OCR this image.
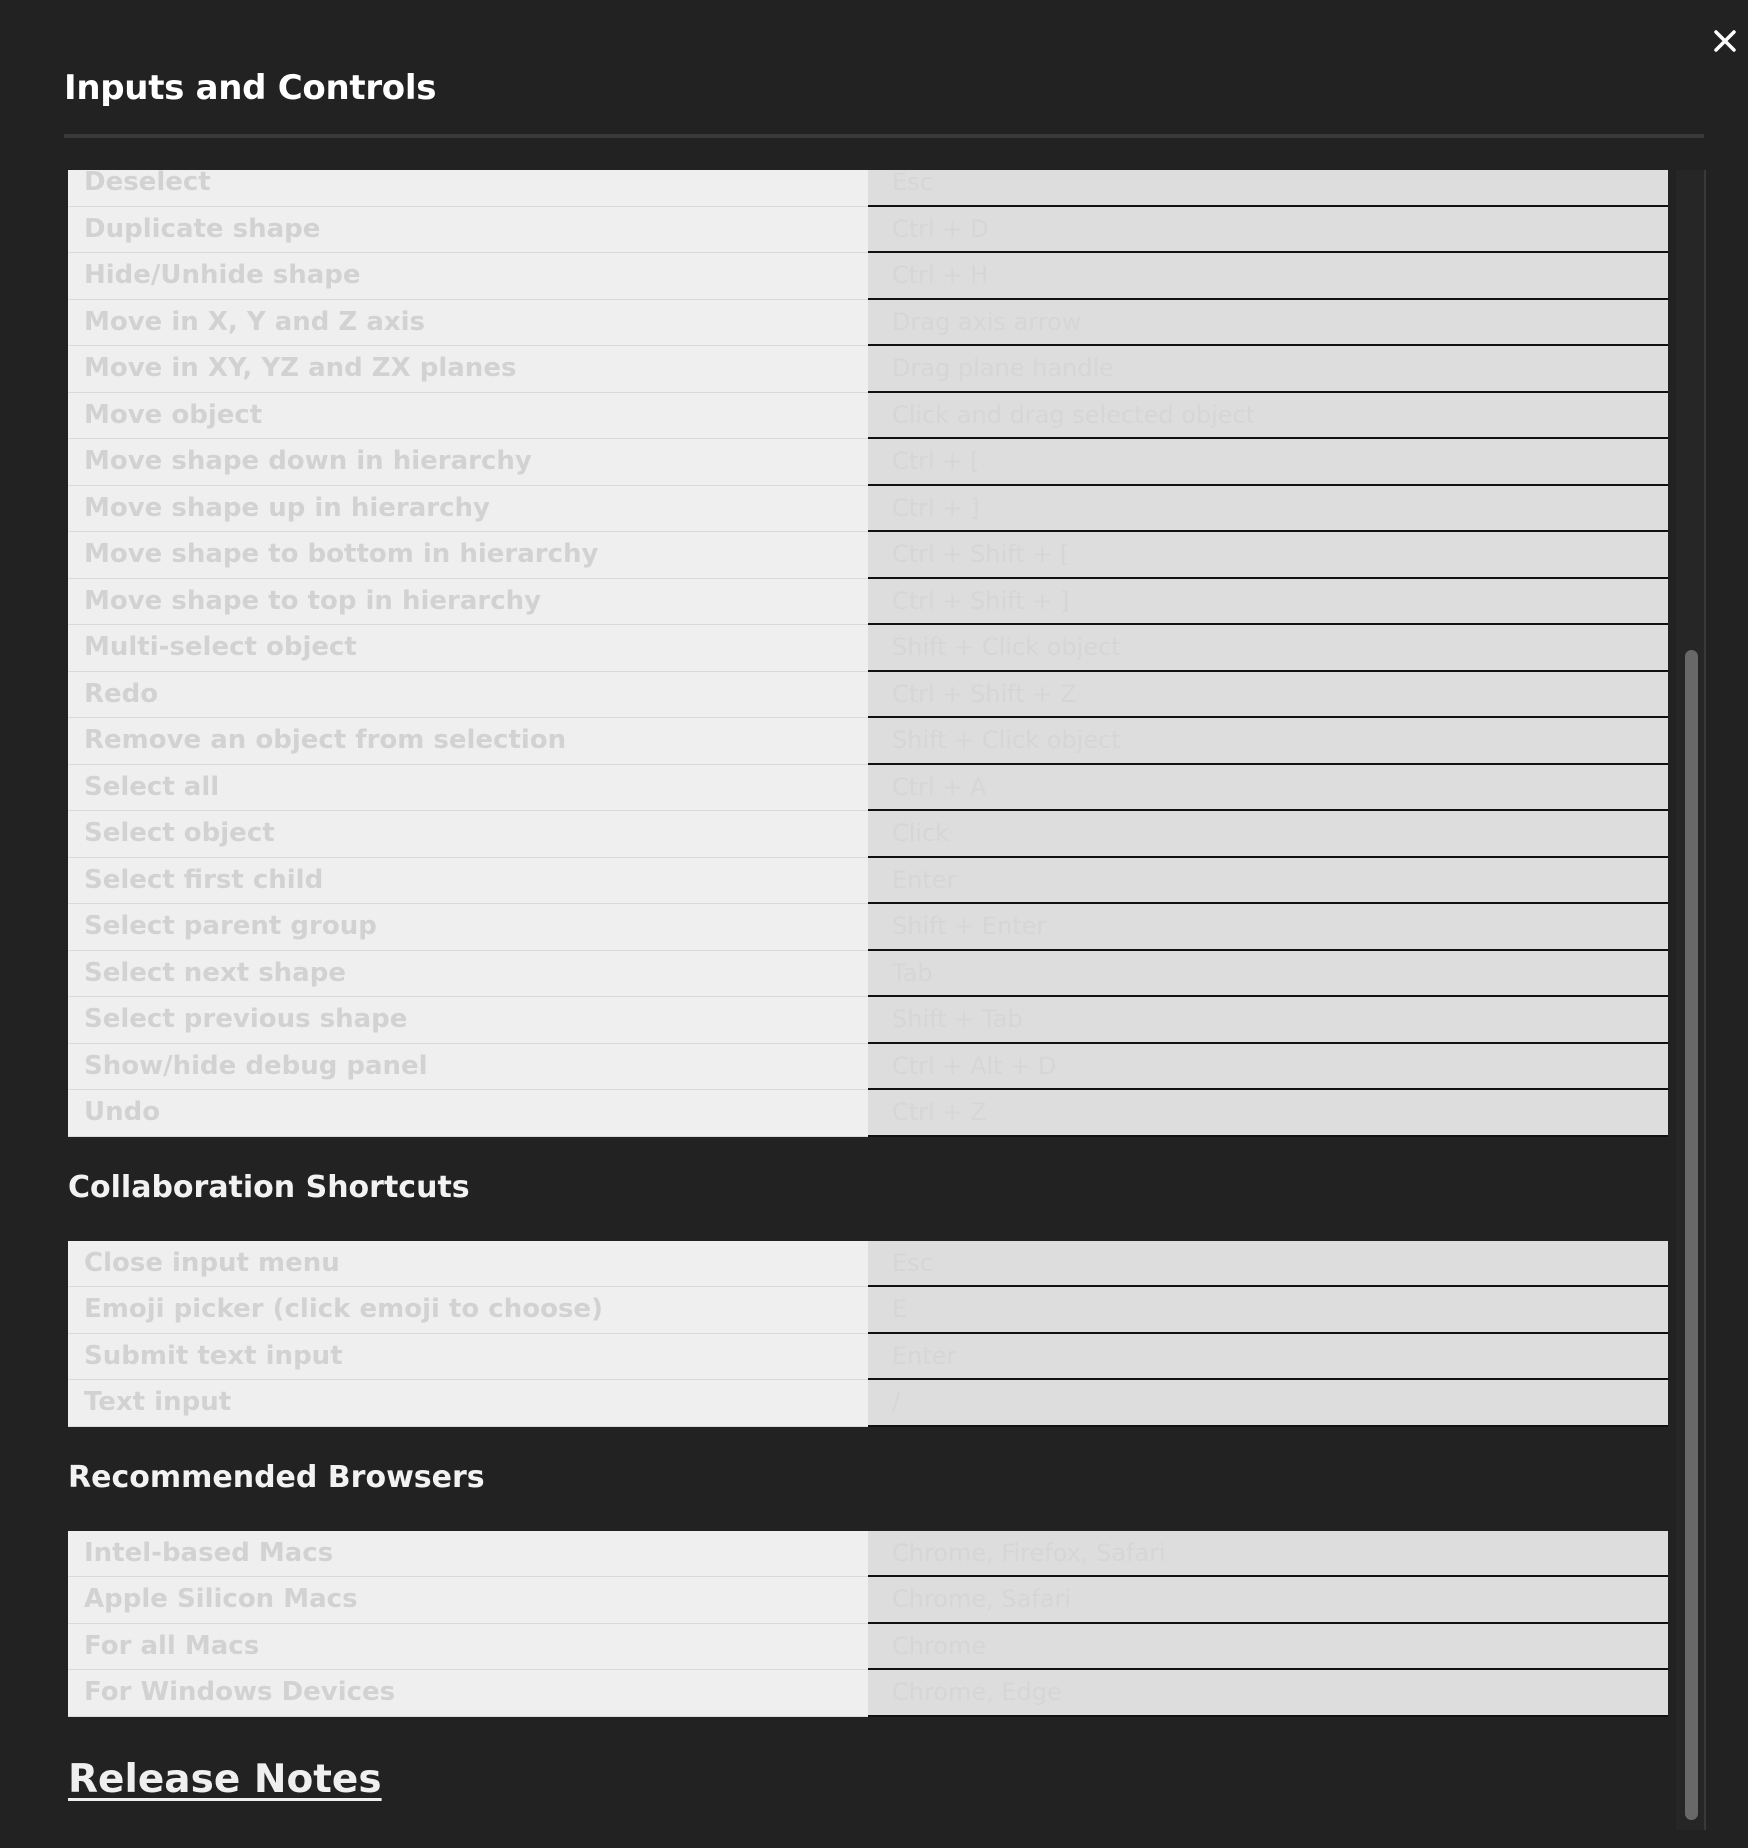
Inputs and Controls
Deselect	Esc
Duplicate shape	Ctrl + D
Hide/Unhide shape	Ctrl + H
Move in X, Y and Z axis	Drag axis arrow
Move in XY, YZ and ZX planes	Drag plane handle
Move object	Click and drag selected object
Move shape down in hierarchy	Ctrl + [
Move shape up in hierarchy	Ctrl + ]
Move shape to bottom in hierarchy	Ctrl + Shift + [
Move shape to top in hierarchy	Ctrl + Shift + ]
Multi-select object	Shift + Click object
Redo	Ctrl + Shift + Z
Remove an object from selection	Shift + Click object
Select all	Ctrl + A
Select object	Click
Select first child	Enter
Select parent group	Shift + Enter
Select next shape	Tab
Select previous shape	Shift + Tab
Show/hide debug panel	Ctrl + Alt + D
Undo	Ctrl + Z
Collaboration Shortcuts
Close input menu	Esc
Emoji picker (click emoji to choose)	E
Submit text input	Enter
Text input	/
Recommended Browsers
Intel-based Macs	Chrome, Firefox, Safari
Apple Silicon Macs	Chrome, Safari
For all Macs	Chrome
For Windows Devices	Chrome, Edge
Release Notes
